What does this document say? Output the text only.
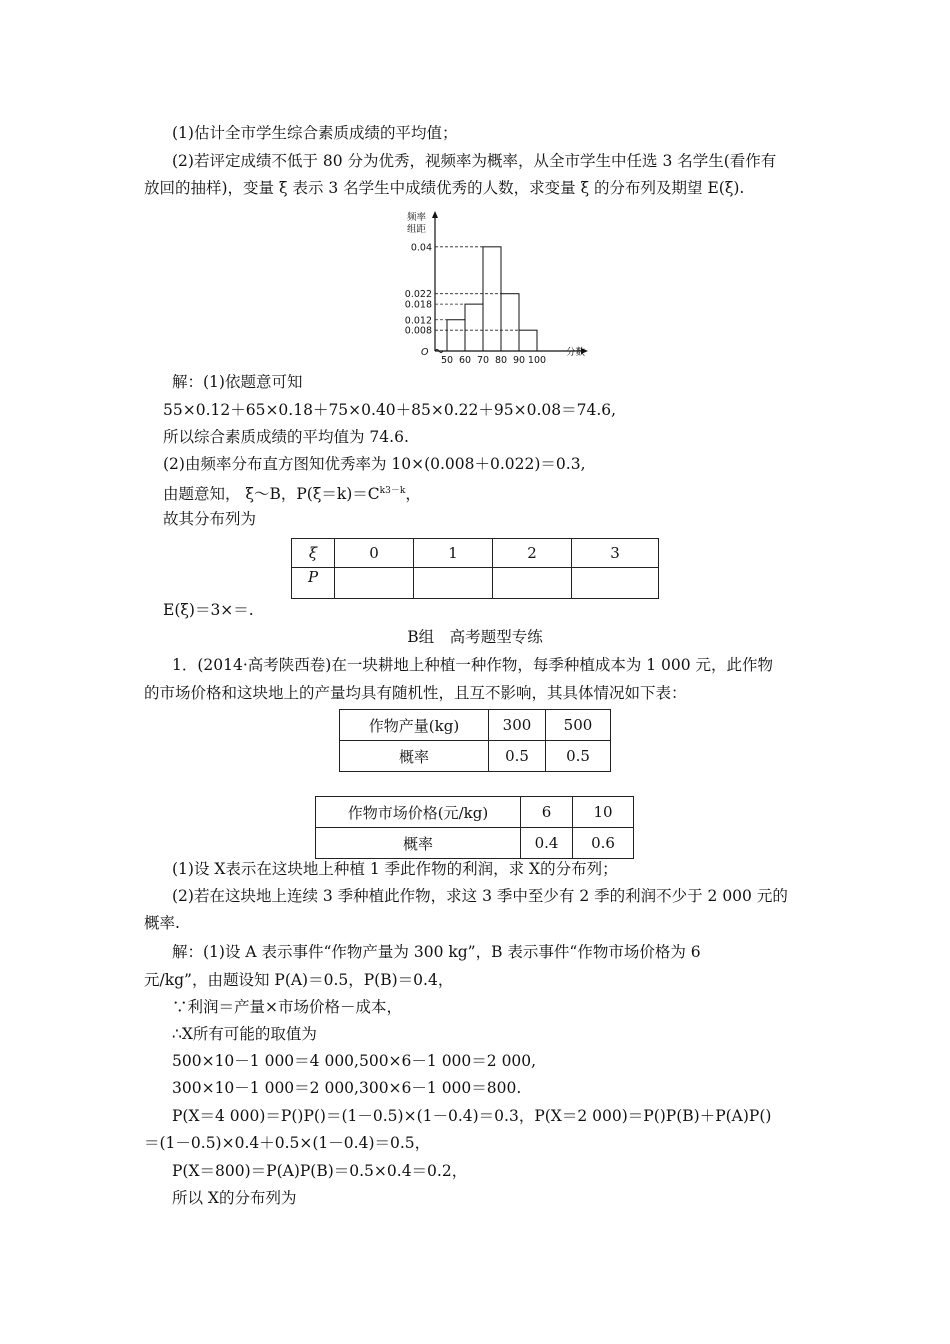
(1)估计全市学生综合素质成绩的平均值；
(2)若评定成绩不低于 80 分为优秀，视频率为概率，从全市学生中任选 3 名学生(看作有
放回的抽样)，变量 ξ 表示 3 名学生中成绩优秀的人数，求变量 ξ 的分布列及期望 E(ξ).
频率
组距
O	分数
0.04
0.022
0.018
0.012
0.008
50 60 70 80 90 100
解：(1)依题意可知
55×0.12＋65×0.18＋75×0.40＋85×0.22＋95×0.08＝74.6,
所以综合素质成绩的平均值为 74.6.
(2)由频率分布直方图知优秀率为 10×(0.008＋0.022)＝0.3,
由题意知， ξ～B，$P(\xi=k)=C^{k3-k}$，
故其分布列为
ξ	0	1	2	3
P				
E(ξ)＝3×＝.
B组　高考题型专练
1．(2014·高考陕西卷)在一块耕地上种植一种作物，每季种植成本为 1 000 元，此作物
的市场价格和这块地上的产量均具有随机性，且互不影响，其具体情况如下表：
作物产量(kg)	300	500
概率	0.5	0.5
作物市场价格(元/kg)	6	10
概率	0.4	0.6
(1)设 X表示在这块地上种植 1 季此作物的利润，求 X的分布列；
(2)若在这块地上连续 3 季种植此作物，求这 3 季中至少有 2 季的利润不少于 2 000 元的
概率.
解：(1)设 A 表示事件“作物产量为 300 kg”，B 表示事件“作物市场价格为 6
元/kg”，由题设知 P(A)＝0.5，P(B)＝0.4，
∵利润＝产量×市场价格－成本，
∴X所有可能的取值为
500×10－1 000＝4 000,500×6－1 000＝2 000,
300×10－1 000＝2 000,300×6－1 000＝800.
P(X＝4 000)＝P()P()＝(1－0.5)×(1－0.4)＝0.3，P(X＝2 000)＝P()P(B)＋P(A)P()
＝(1－0.5)×0.4＋0.5×(1－0.4)＝0.5，
P(X＝800)＝P(A)P(B)＝0.5×0.4＝0.2，
所以 X的分布列为
